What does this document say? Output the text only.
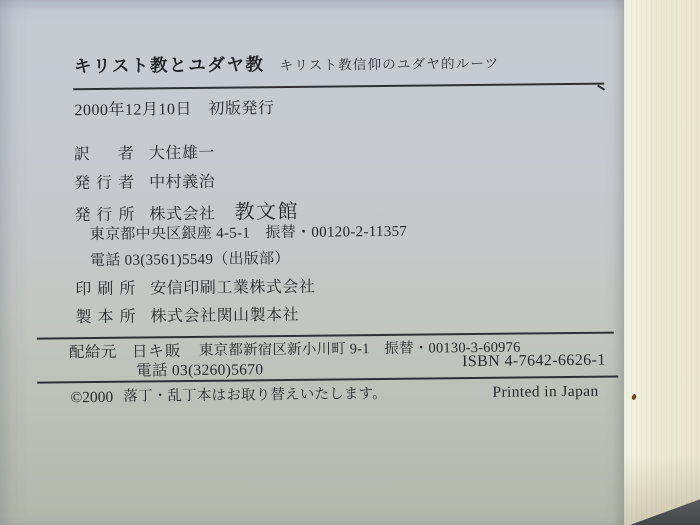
キリスト教とユダヤ教 キリスト教信仰のユダヤ的ルーツ
2000年12月10日　初版発行
訳　者 大住雄一
発行者 中村義治
発行所 株式会社 教文館
東京都中央区銀座 4-5-1　振替・00120-2-11357
電話 03(3561)5549（出版部）
印刷所 安信印刷工業株式会社
製本所 株式会社関山製本社
配給元 日キ販 東京都新宿区新小川町 9-1　振替・00130-3-60976
電話 03(3260)5670
ISBN 4-7642-6626-1
©2000 落丁・乱丁本はお取り替えいたします。	Printed in Japan
